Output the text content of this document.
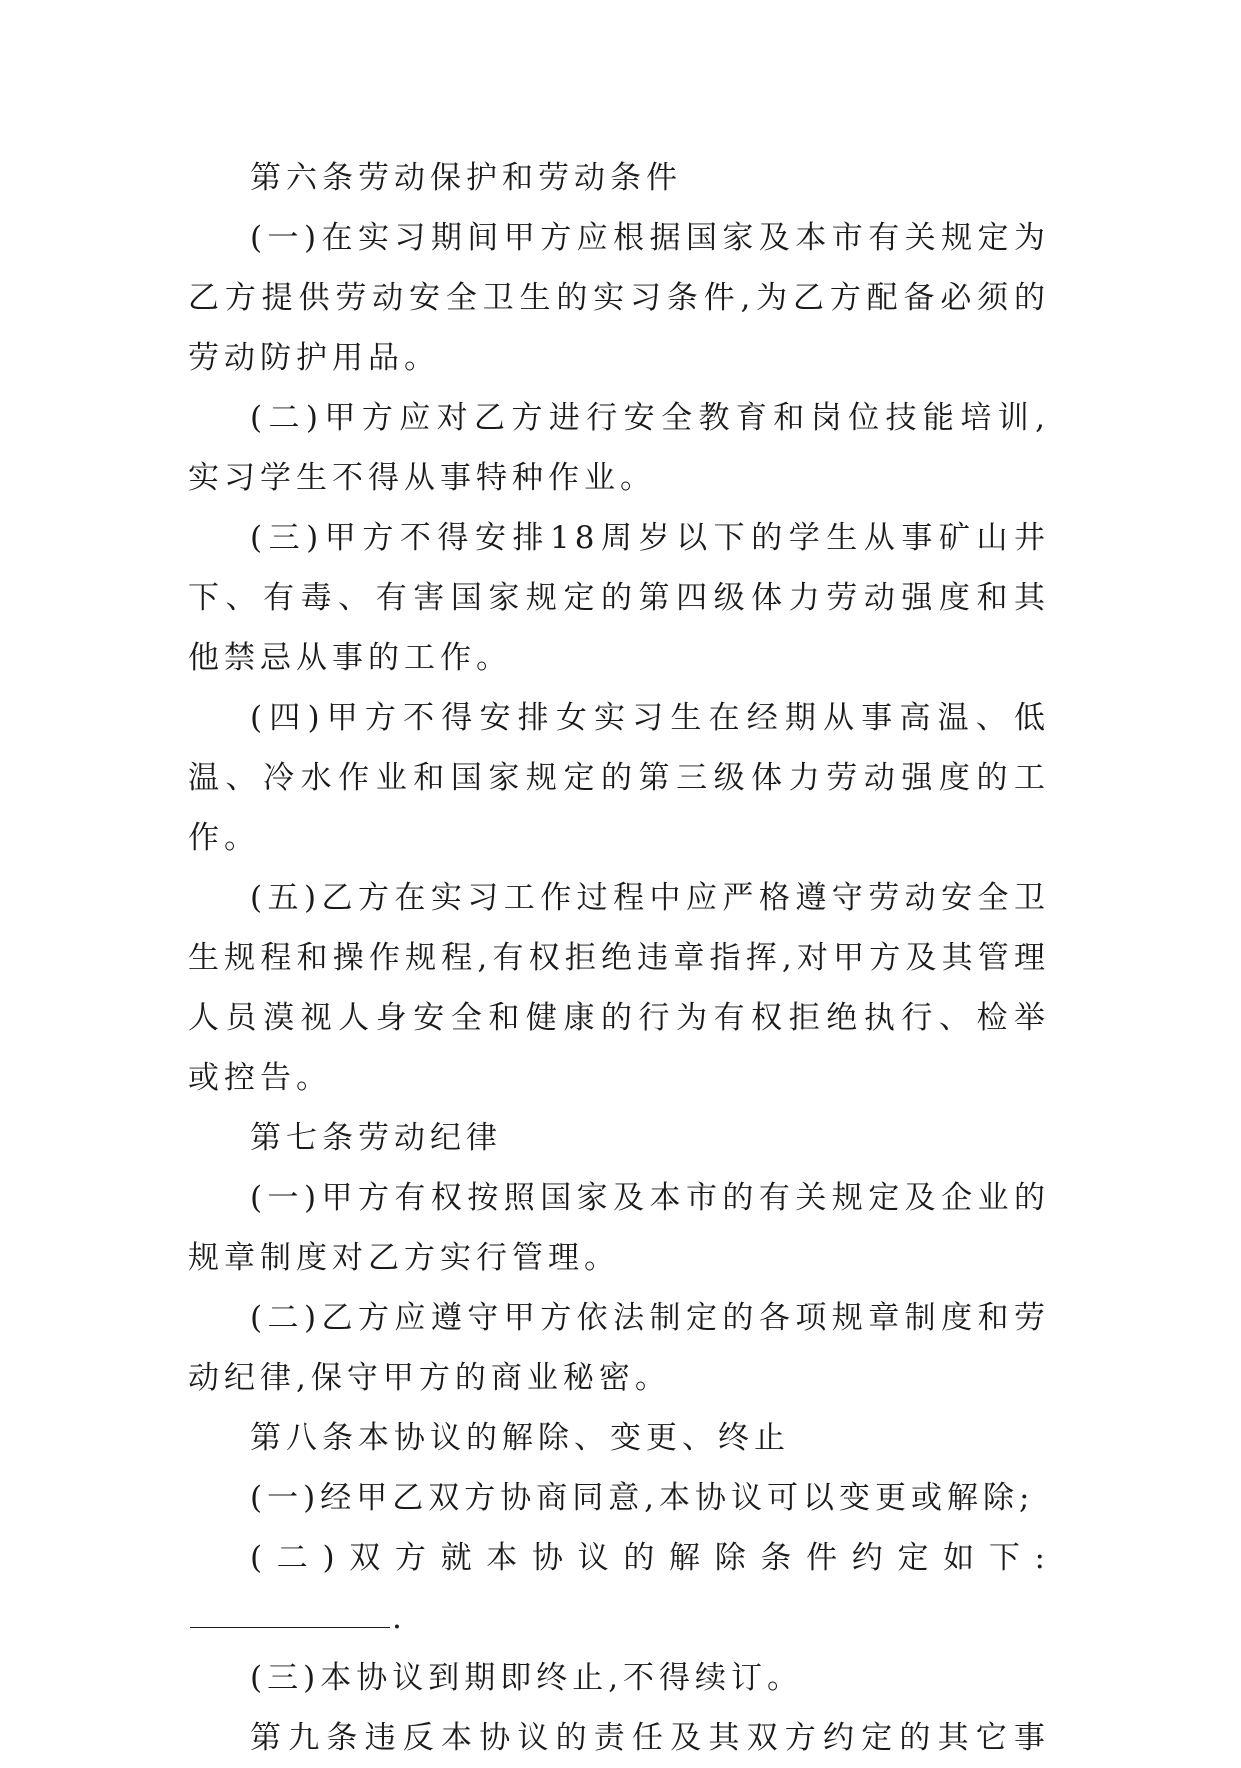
第六条劳动保护和劳动条件

(一)在实习期间甲方应根据国家及本市有关规定为乙方提供劳动安全卫生的实习条件,为乙方配备必须的劳动防护用品。

(二)甲方应对乙方进行安全教育和岗位技能培训,实习学生不得从事特种作业。

(三)甲方不得安排18周岁以下的学生从事矿山井下、有毒、有害国家规定的第四级体力劳动强度和其他禁忌从事的工作。

(四)甲方不得安排女实习生在经期从事高温、低温、冷水作业和国家规定的第三级体力劳动强度的工作。

(五)乙方在实习工作过程中应严格遵守劳动安全卫生规程和操作规程,有权拒绝违章指挥,对甲方及其管理人员漠视人身安全和健康的行为有权拒绝执行、检举或控告。

第七条劳动纪律

(一)甲方有权按照国家及本市的有关规定及企业的规章制度对乙方实行管理。

(二)乙方应遵守甲方依法制定的各项规章制度和劳动纪律,保守甲方的商业秘密。

第八条本协议的解除、变更、终止

(一)经甲乙双方协商同意,本协议可以变更或解除;

(二)双方就本协议的解除条件约定如下:.

(三)本协议到期即终止,不得续订。

第九条违反本协议的责任及其双方约定的其它事
